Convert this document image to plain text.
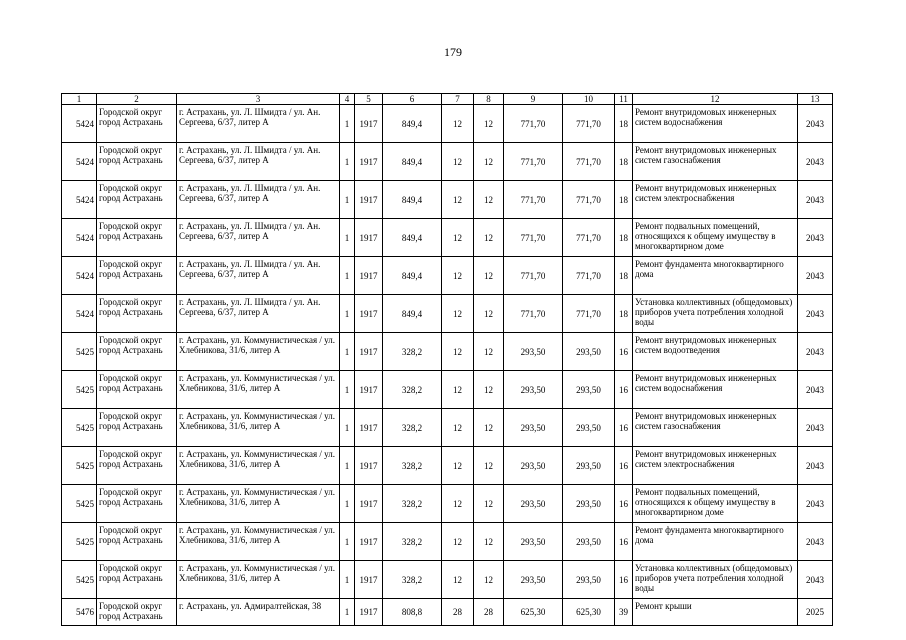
179
1	2	3	4	5	6	7	8	9	10	11	12	13
5424	Городской округ город Астрахань	г. Астрахань, ул. Л. Шмидта / ул. Ан. Сергеева, 6/37, литер А	1	1917	849,4	12	12	771,70	771,70	18	Ремонт внутридомовых инженерных систем водоснабжения	2043
5424	Городской округ город Астрахань	г. Астрахань, ул. Л. Шмидта / ул. Ан. Сергеева, 6/37, литер А	1	1917	849,4	12	12	771,70	771,70	18	Ремонт внутридомовых инженерных систем газоснабжения	2043
5424	Городской округ город Астрахань	г. Астрахань, ул. Л. Шмидта / ул. Ан. Сергеева, 6/37, литер А	1	1917	849,4	12	12	771,70	771,70	18	Ремонт внутридомовых инженерных систем электроснабжения	2043
5424	Городской округ город Астрахань	г. Астрахань, ул. Л. Шмидта / ул. Ан. Сергеева, 6/37, литер А	1	1917	849,4	12	12	771,70	771,70	18	Ремонт подвальных помещений, относящихся к общему имуществу в многоквартирном доме	2043
5424	Городской округ город Астрахань	г. Астрахань, ул. Л. Шмидта / ул. Ан. Сергеева, 6/37, литер А	1	1917	849,4	12	12	771,70	771,70	18	Ремонт фундамента многоквартирного дома	2043
5424	Городской округ город Астрахань	г. Астрахань, ул. Л. Шмидта / ул. Ан. Сергеева, 6/37, литер А	1	1917	849,4	12	12	771,70	771,70	18	Установка коллективных (общедомовых) приборов учета потребления холодной воды	2043
5425	Городской округ город Астрахань	г. Астрахань, ул. Коммунистическая / ул. Хлебникова, 31/6, литер А	1	1917	328,2	12	12	293,50	293,50	16	Ремонт внутридомовых инженерных систем водоотведения	2043
5425	Городской округ город Астрахань	г. Астрахань, ул. Коммунистическая / ул. Хлебникова, 31/6, литер А	1	1917	328,2	12	12	293,50	293,50	16	Ремонт внутридомовых инженерных систем водоснабжения	2043
5425	Городской округ город Астрахань	г. Астрахань, ул. Коммунистическая / ул. Хлебникова, 31/6, литер А	1	1917	328,2	12	12	293,50	293,50	16	Ремонт внутридомовых инженерных систем газоснабжения	2043
5425	Городской округ город Астрахань	г. Астрахань, ул. Коммунистическая / ул. Хлебникова, 31/6, литер А	1	1917	328,2	12	12	293,50	293,50	16	Ремонт внутридомовых инженерных систем электроснабжения	2043
5425	Городской округ город Астрахань	г. Астрахань, ул. Коммунистическая / ул. Хлебникова, 31/6, литер А	1	1917	328,2	12	12	293,50	293,50	16	Ремонт подвальных помещений, относящихся к общему имуществу в многоквартирном доме	2043
5425	Городской округ город Астрахань	г. Астрахань, ул. Коммунистическая / ул. Хлебникова, 31/6, литер А	1	1917	328,2	12	12	293,50	293,50	16	Ремонт фундамента многоквартирного дома	2043
5425	Городской округ город Астрахань	г. Астрахань, ул. Коммунистическая / ул. Хлебникова, 31/6, литер А	1	1917	328,2	12	12	293,50	293,50	16	Установка коллективных (общедомовых) приборов учета потребления холодной воды	2043
5476	Городской округ город Астрахань	г. Астрахань, ул. Адмиралтейская, 38	1	1917	808,8	28	28	625,30	625,30	39	Ремонт крыши	2025
